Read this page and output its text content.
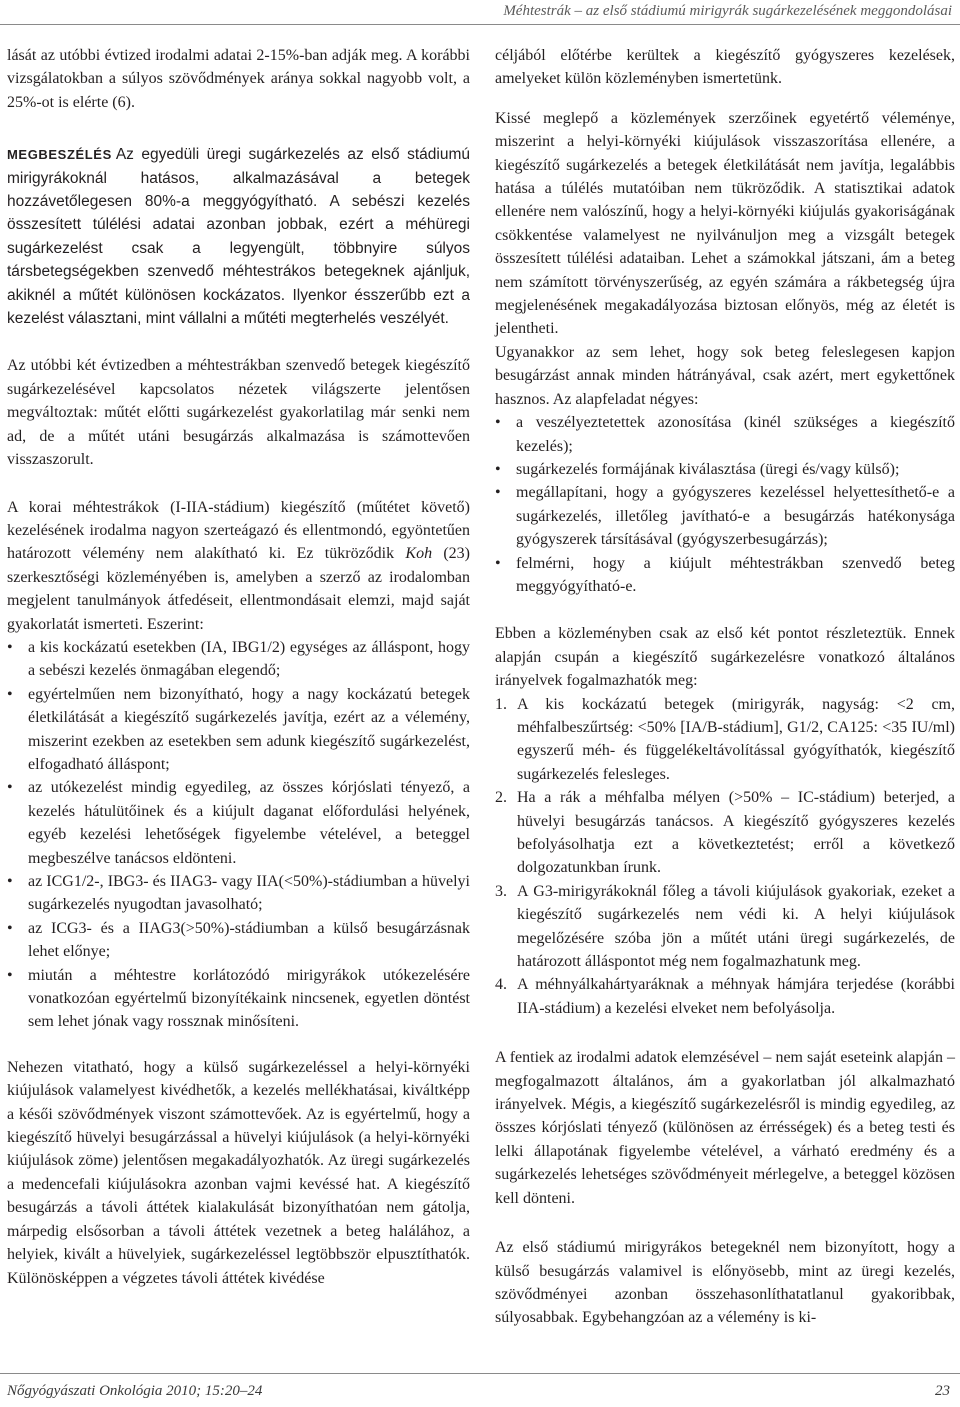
Méhtestrák – az első stádiumú mirigyrák sugárkezelésének meggondolásai

lását az utóbbi évtized irodalmi adatai 2-15%-ban adják meg. A korábbi vizsgálatokban a súlyos szövődmények aránya sokkal nagyobb volt, a 25%-ot is elérte (6).

MEGBESZÉLÉS Az egyedüli üregi sugárkezelés az első stádiumú mirigyrákoknál hatásos, alkalmazásával a betegek hozzávetőlegesen 80%-a meggyógyítható. A sebészi kezelés összesített túlélési adatai azonban jobbak, ezért a méhüregi sugárkezelést csak a legyengült, többnyire súlyos társbetegségekben szenvedő méhtestrákos betegeknek ajánljuk, akiknél a műtét különösen kockázatos. Ilyenkor ésszerűbb ezt a kezelést választani, mint vállalni a műtéti megterhelés veszélyét.

Az utóbbi két évtizedben a méhtestrákban szenvedő betegek kiegészítő sugárkezelésével kapcsolatos nézetek világszerte jelentősen megváltoztak: műtét előtti sugárkezelést gyakorlatilag már senki nem ad, de a műtét utáni besugárzás alkalmazása is számottevően visszaszorult.

A korai méhtestrákok (I-IIA-stádium) kiegészítő (műtétet követő) kezelésének irodalma nagyon szerteágazó és ellentmondó, egyöntetűen határozott vélemény nem alakítható ki. Ez tükröződik Koh (23) szerkesztőségi közleményében is, amelyben a szerző az irodalomban megjelent tanulmányok átfedéseit, ellentmondásait elemzi, majd saját gyakorlatát ismerteti. Eszerint:

• a kis kockázatú esetekben (IA, IBG1/2) egységes az álláspont, hogy a sebészi kezelés önmagában elegendő;
• egyértelműen nem bizonyítható, hogy a nagy kockázatú betegek életkilátását a kiegészítő sugárkezelés javítja, ezért az a vélemény, miszerint ezekben az esetekben sem adunk kiegészítő sugárkezelést, elfogadható álláspont;
• az utókezelést mindig egyedileg, az összes kórjóslati tényező, a kezelés hátulütőinek és a kiújult daganat előfordulási helyének, egyéb kezelési lehetőségek figyelembe vételével, a beteggel megbeszélve tanácsos eldönteni.
• az ICG1/2-, IBG3- és IIAG3- vagy IIA(<50%)-stádiumban a hüvelyi sugárkezelés nyugodtan javasolható;
• az ICG3- és a IIAG3(>50%)-stádiumban a külső besugárzásnak lehet előnye;
• miután a méhtestre korlátozódó mirigyrákok utókezelésére vonatkozóan egyértelmű bizonyítékaink nincsenek, egyetlen döntést sem lehet jónak vagy rossznak minősíteni.

Nehezen vitatható, hogy a külső sugárkezeléssel a helyi-környéki kiújulások valamelyest kivédhetők, a kezelés mellékhatásai, kiváltképp a késői szövődmények viszont számottevőek. Az is egyértelmű, hogy a kiegészítő hüvelyi besugárzással a hüvelyi kiújulások (a helyi-környéki kiújulások zöme) jelentősen megakadályozhatók. Az üregi sugárkezelés a medencefali kiújulásokra azonban vajmi kevéssé hat. A kiegészítő besugárzás a távoli áttétek kialakulását bizonyíthatóan nem gátolja, márpedig elsősorban a távoli áttétek vezetnek a beteg halálához, a helyiek, kivált a hüvelyiek, sugárkezeléssel legtöbbször elpusztíthatók. Különösképpen a végzetes távoli áttétek kivédése

céljából előtérbe kerültek a kiegészítő gyógyszeres kezelések, amelyeket külön közleményben ismertetünk.

Kissé meglepő a közlemények szerzőinek egyetértő véleménye, miszerint a helyi-környéki kiújulások visszaszorítása ellenére, a kiegészítő sugárkezelés a betegek életkilátását nem javítja, legalábbis hatása a túlélés mutatóiban nem tükröződik. A statisztikai adatok ellenére nem valószínű, hogy a helyi-környéki kiújulás gyakoriságának csökkentése valamelyest ne nyilvánuljon meg a vizsgált betegek összesített túlélési adataiban. Lehet a számokkal játszani, ám a beteg nem számított törvényszerűség, az egyén számára a rákbetegség újra megjelenésének megakadályozása biztosan előnyös, még az életét is jelentheti.

Ugyanakkor az sem lehet, hogy sok beteg feleslegesen kapjon besugárzást annak minden hátrányával, csak azért, mert egykettőnek hasznos. Az alapfeladat négyes:

• a veszélyeztetettek azonosítása (kinél szükséges a kiegészítő kezelés);
• sugárkezelés formájának kiválasztása (üregi és/vagy külső);
• megállapítani, hogy a gyógyszeres kezeléssel helyettesíthető-e a sugárkezelés, illetőleg javítható-e a besugárzás hatékonysága gyógyszerek társításával (gyógyszerbesugárzás);
• felmérni, hogy a kiújult méhtestrákban szenvedő beteg meggyógyítható-e.

Ebben a közleményben csak az első két pontot részleteztük. Ennek alapján csupán a kiegészítő sugárkezelésre vonatkozó általános irányelvek fogalmazhatók meg:

1. A kis kockázatú betegek (mirigyrák, nagyság: <2 cm, méhfalbeszűrtség: <50% [IA/B-stádium], G1/2, CA125: <35 IU/ml) egyszerű méh- és függelékeltávolítással gyógyíthatók, kiegészítő sugárkezelés felesleges.
2. Ha a rák a méhfalba mélyen (>50% – IC-stádium) beterjed, a hüvelyi besugárzás tanácsos. A kiegészítő gyógyszeres kezelés befolyásolhatja ezt a következtetést; erről a következő dolgozatunkban írunk.
3. A G3-mirigyrákoknál főleg a távoli kiújulások gyakoriak, ezeket a kiegészítő sugárkezelés nem védi ki. A helyi kiújulások megelőzésére szóba jön a műtét utáni üregi sugárkezelés, de határozott álláspontot még nem fogalmazhatunk meg.
4. A méhnyálkahártyaráknak a méhnyak hámjára terjedése (korábbi IIA-stádium) a kezelési elveket nem befolyásolja.

A fentiek az irodalmi adatok elemzésével – nem saját eseteink alapján – megfogalmazott általános, ám a gyakorlatban jól alkalmazható irányelvek. Mégis, a kiegészítő sugárkezelésről is mindig egyedileg, az összes kórjóslati tényező (különösen az érrésségek) és a beteg testi és lelki állapotának figyelembe vételével, a várható eredmény és a sugárkezelés lehetséges szövődményeit mérlegelve, a beteggel közösen kell dönteni.

Az első stádiumú mirigyrákos betegeknél nem bizonyított, hogy a külső besugárzás valamivel is előnyösebb, mint az üregi kezelés, szövődményei azonban összehasonlíthatatlanul gyakoribbak, súlyosabbak. Egybehangzóan az a vélemény is ki-

Nőgyógyászati Onkológia 2010; 15:20–24	23
